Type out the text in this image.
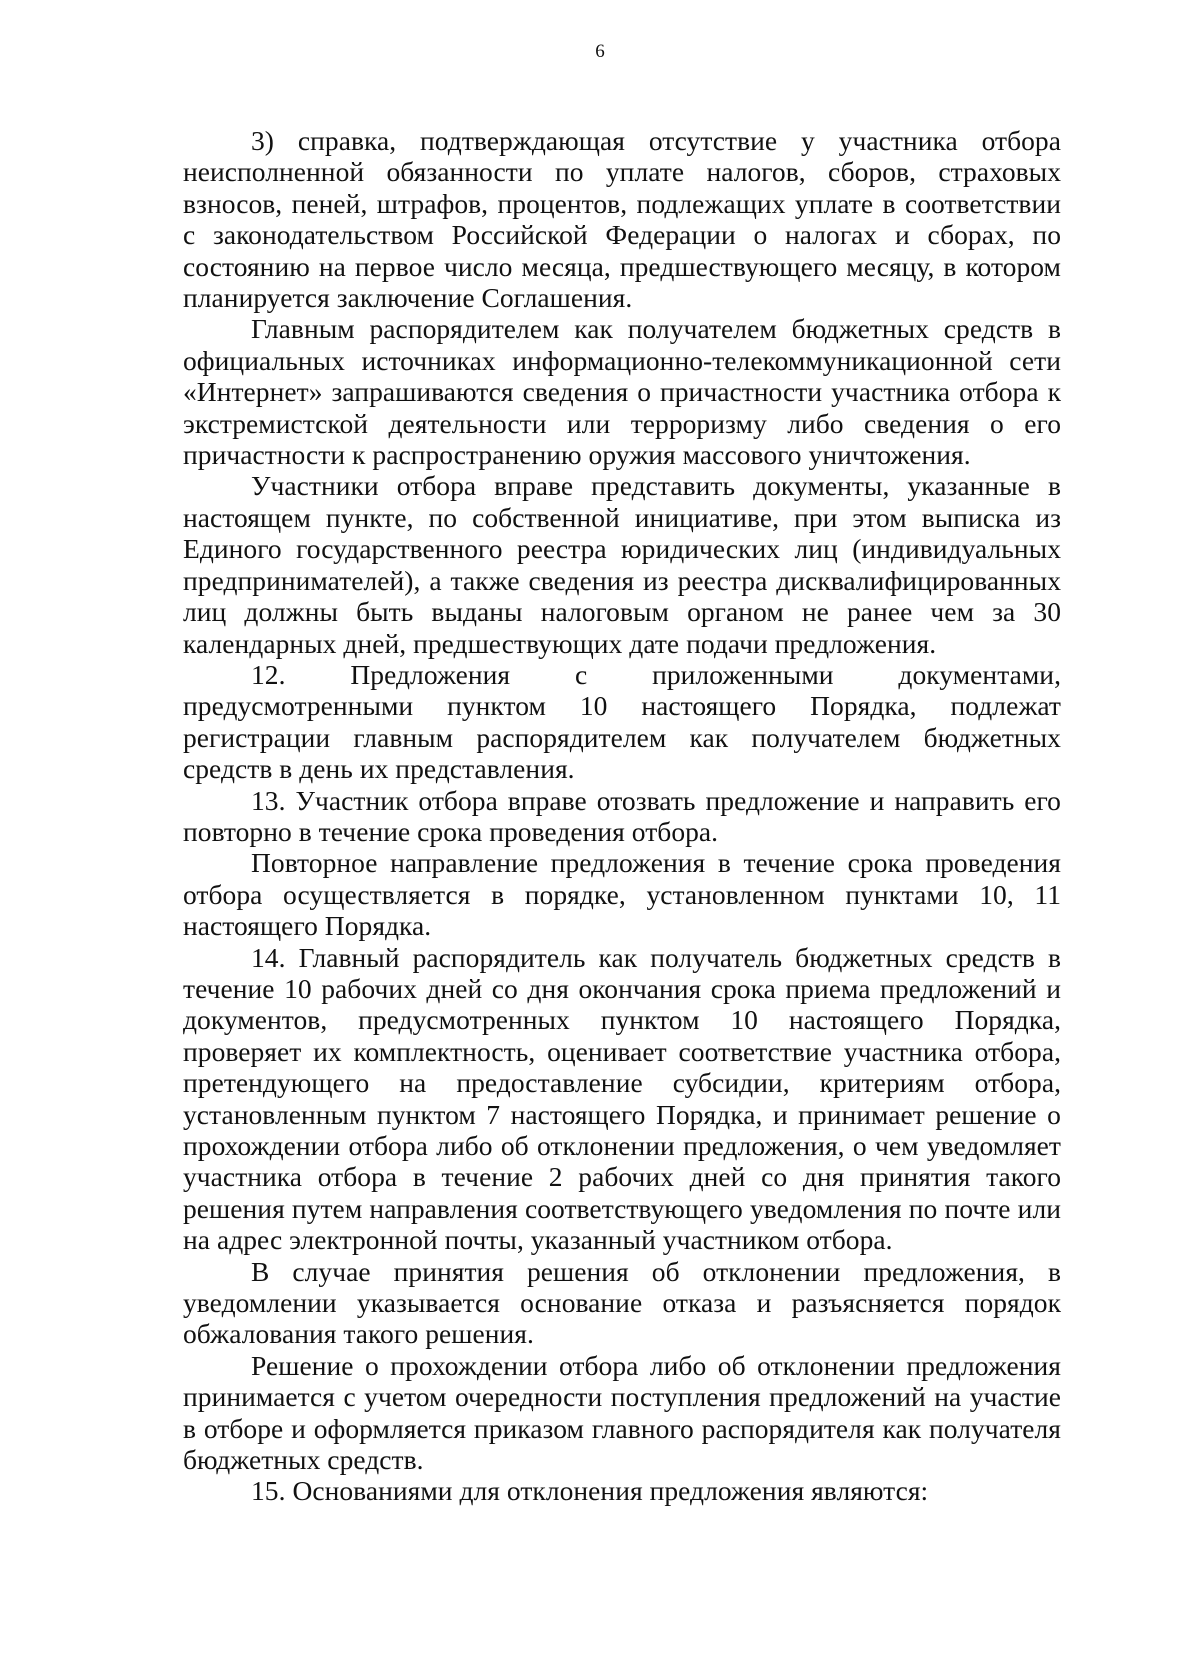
6

3) справка, подтверждающая отсутствие у участника отбора неисполненной обязанности по уплате налогов, сборов, страховых взносов, пеней, штрафов, процентов, подлежащих уплате в соответствии с законодательством Российской Федерации о налогах и сборах, по состоянию на первое число месяца, предшествующего месяцу, в котором планируется заключение Соглашения.

Главным распорядителем как получателем бюджетных средств в официальных источниках информационно-телекоммуникационной сети «Интернет» запрашиваются сведения о причастности участника отбора к экстремистской деятельности или терроризму либо сведения о его причастности к распространению оружия массового уничтожения.

Участники отбора вправе представить документы, указанные в настоящем пункте, по собственной инициативе, при этом выписка из Единого государственного реестра юридических лиц (индивидуальных предпринимателей), а также сведения из реестра дисквалифицированных лиц должны быть выданы налоговым органом не ранее чем за 30 календарных дней, предшествующих дате подачи предложения.

12. Предложения с приложенными документами, предусмотренными пунктом 10 настоящего Порядка, подлежат регистрации главным распорядителем как получателем бюджетных средств в день их представления.

13. Участник отбора вправе отозвать предложение и направить его повторно в течение срока проведения отбора.

Повторное направление предложения в течение срока проведения отбора осуществляется в порядке, установленном пунктами 10, 11 настоящего Порядка.

14. Главный распорядитель как получатель бюджетных средств в течение 10 рабочих дней со дня окончания срока приема предложений и документов, предусмотренных пунктом 10 настоящего Порядка, проверяет их комплектность, оценивает соответствие участника отбора, претендующего на предоставление субсидии, критериям отбора, установленным пунктом 7 настоящего Порядка, и принимает решение о прохождении отбора либо об отклонении предложения, о чем уведомляет участника отбора в течение 2 рабочих дней со дня принятия такого решения путем направления соответствующего уведомления по почте или на адрес электронной почты, указанный участником отбора.

В случае принятия решения об отклонении предложения, в уведомлении указывается основание отказа и разъясняется порядок обжалования такого решения.

Решение о прохождении отбора либо об отклонении предложения принимается с учетом очередности поступления предложений на участие в отборе и оформляется приказом главного распорядителя как получателя бюджетных средств.

15. Основаниями для отклонения предложения являются:
